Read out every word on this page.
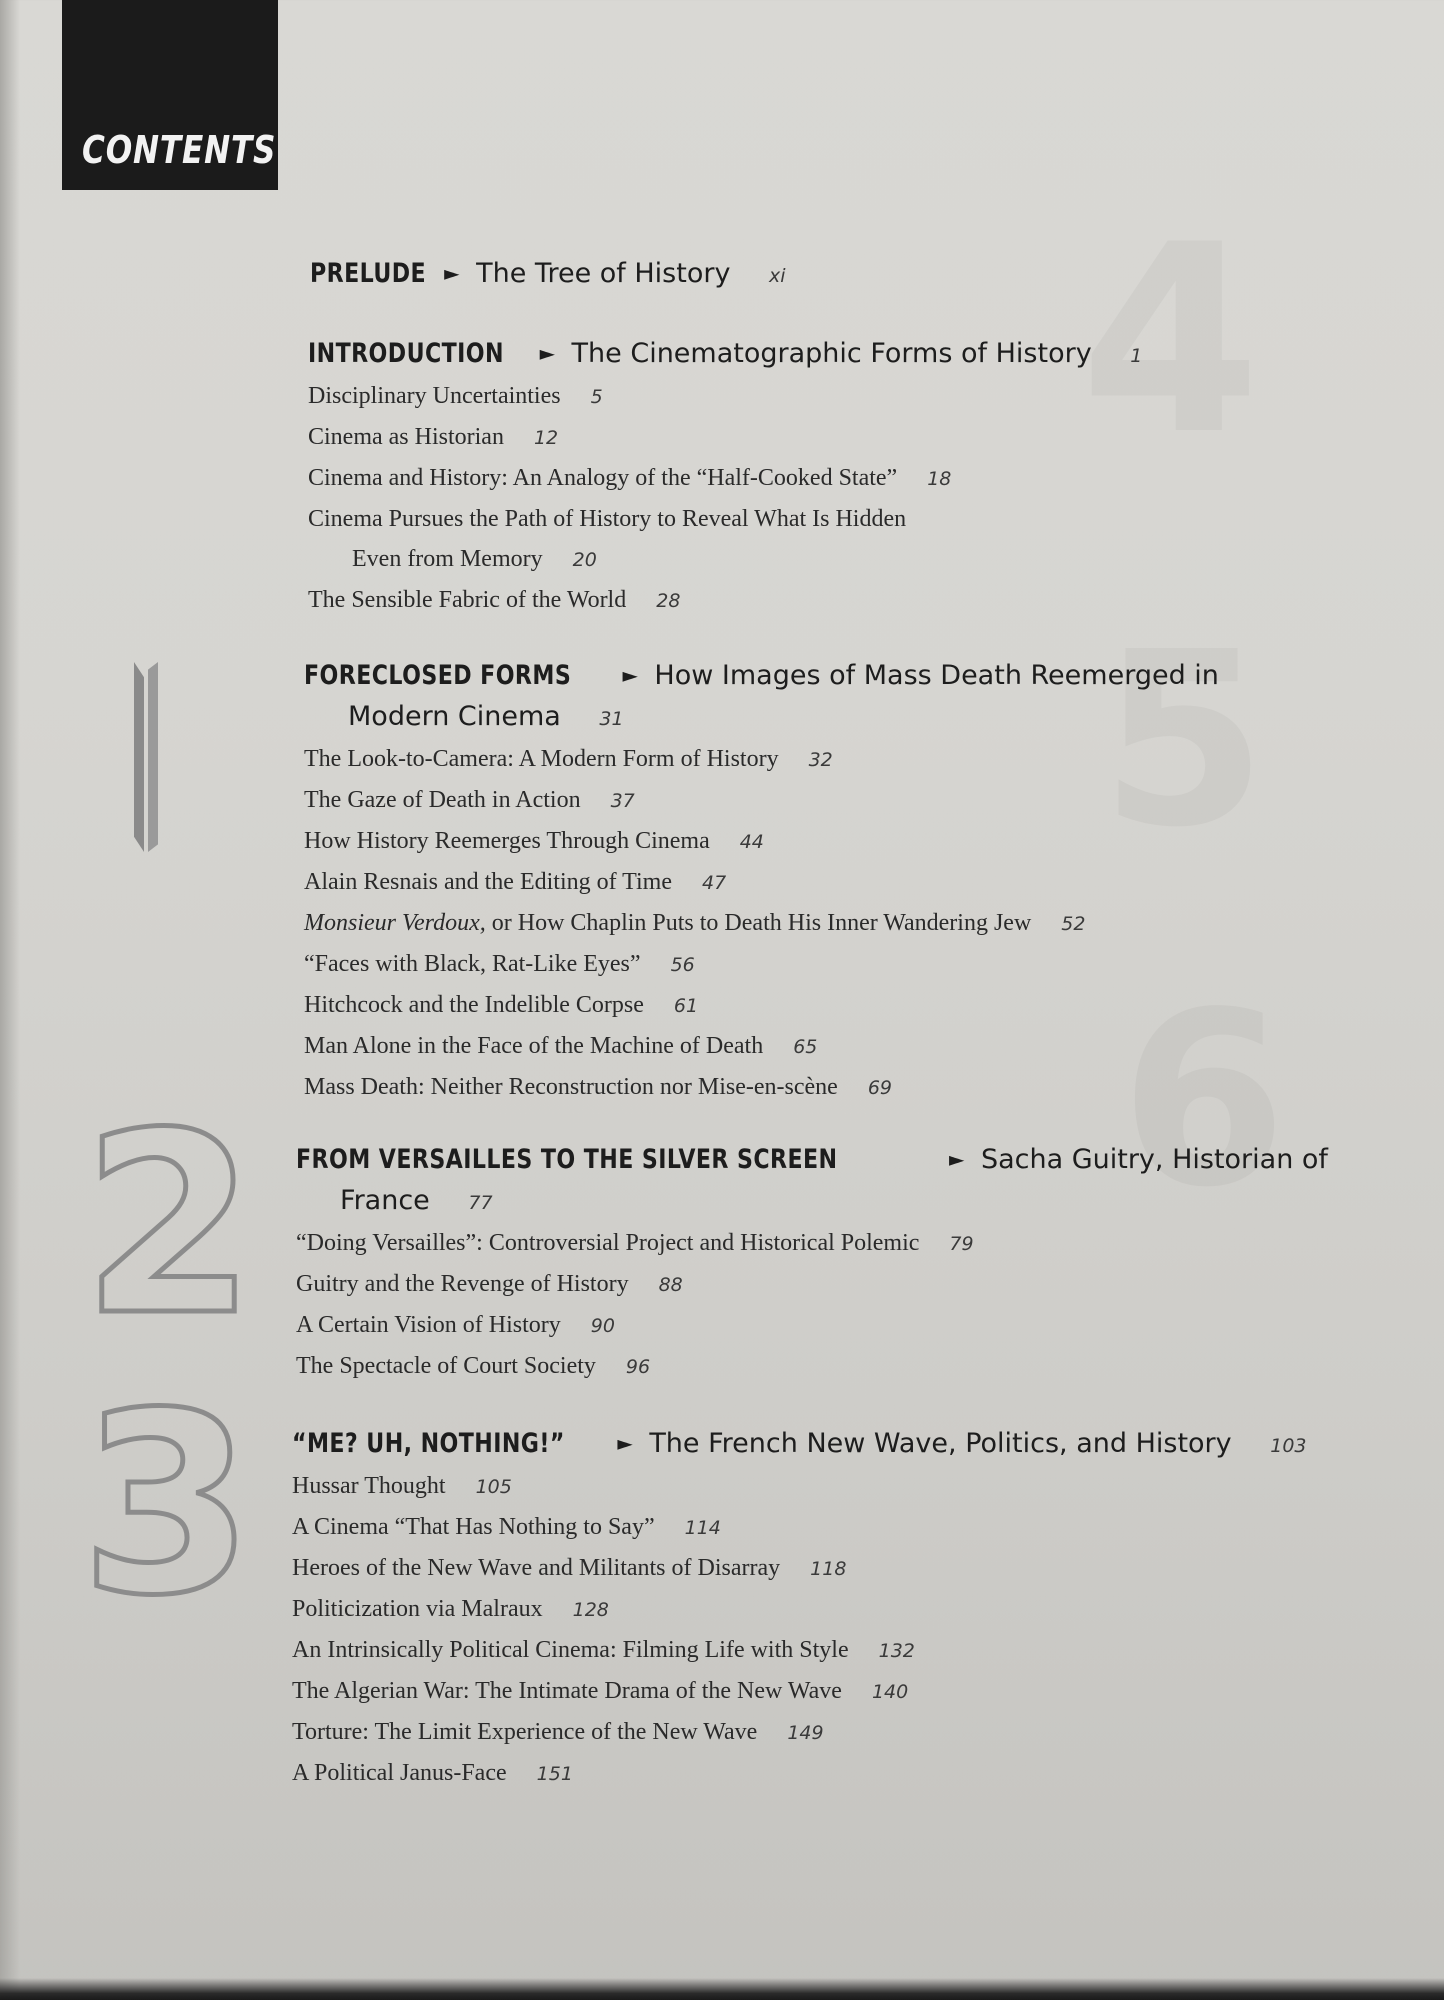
CONTENTS
2
3
PRELUDE ► The Tree of History xi
INTRODUCTION ► The Cinematographic Forms of History 1
Disciplinary Uncertainties 5
Cinema as Historian 12
Cinema and History: An Analogy of the “Half-Cooked State” 18
Cinema Pursues the Path of History to Reveal What Is Hidden
Even from Memory 20
The Sensible Fabric of the World 28
FORECLOSED FORMS	► How Images of Mass Death Reemerged in
Modern Cinema 31
The Look-to-Camera: A Modern Form of History 32
The Gaze of Death in Action 37
How History Reemerges Through Cinema 44
Alain Resnais and the Editing of Time 47
Monsieur Verdoux, or How Chaplin Puts to Death His Inner Wandering Jew 52
“Faces with Black, Rat-Like Eyes” 56
Hitchcock and the Indelible Corpse 61
Man Alone in the Face of the Machine of Death 65
Mass Death: Neither Reconstruction nor Mise-en-scène 69
FROM VERSAILLES TO THE SILVER SCREEN	► Sacha Guitry, Historian of
France 77
“Doing Versailles”: Controversial Project and Historical Polemic 79
Guitry and the Revenge of History 88
A Certain Vision of History 90
The Spectacle of Court Society 96
“ME? UH, NOTHING!”	► The French New Wave, Politics, and History 103
Hussar Thought 105
A Cinema “That Has Nothing to Say” 114
Heroes of the New Wave and Militants of Disarray 118
Politicization via Malraux 128
An Intrinsically Political Cinema: Filming Life with Style 132
The Algerian War: The Intimate Drama of the New Wave 140
Torture: The Limit Experience of the New Wave 149
A Political Janus-Face 151
